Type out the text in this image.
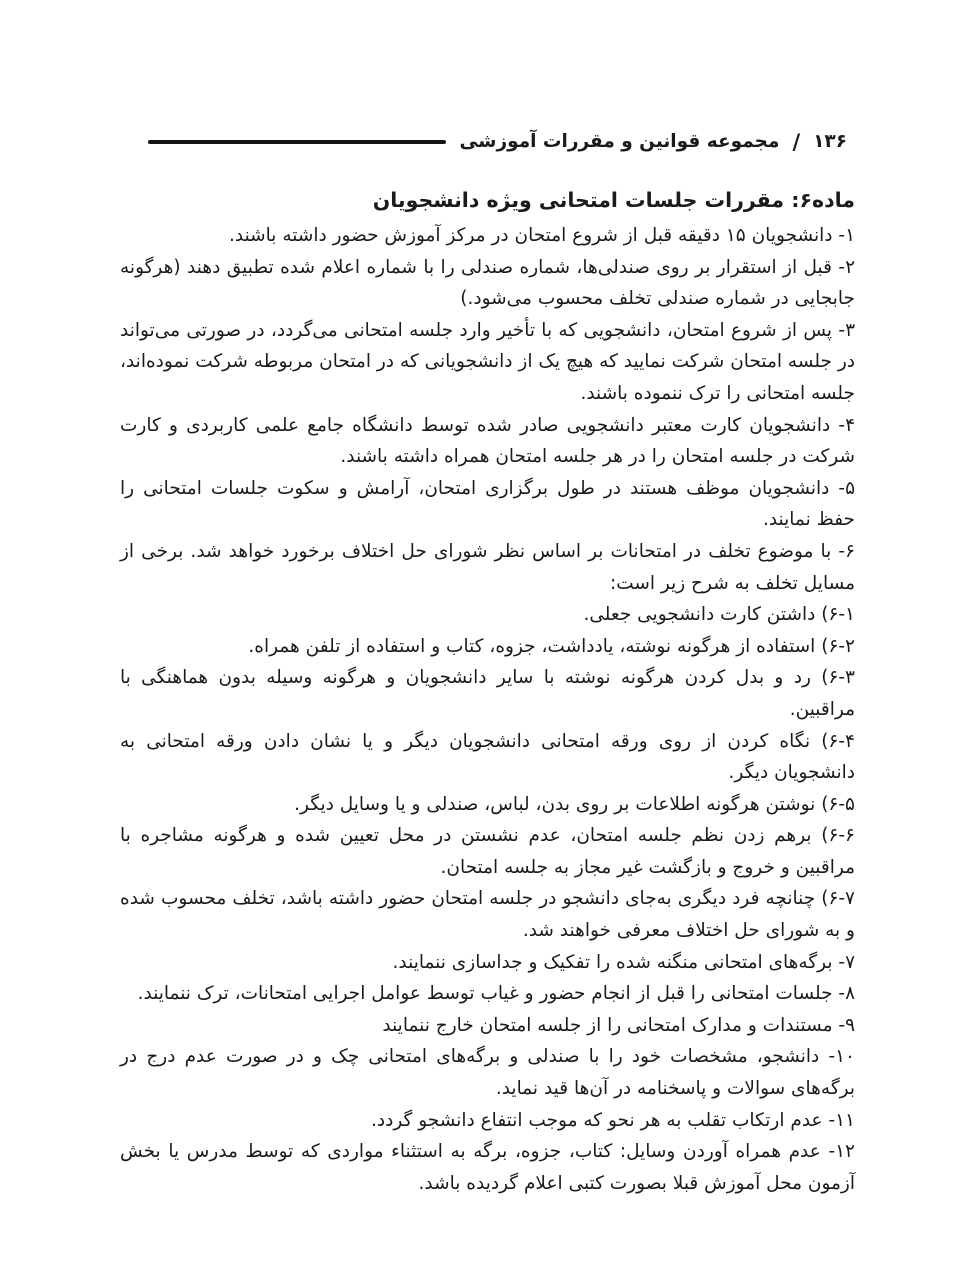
۱۳۶
/
مجموعه قوانین و مقررات آموزشی
ماده۶: مقررات جلسات امتحانی ویژه دانشجویان

۱- دانشجویان ۱۵ دقیقه قبل از شروع امتحان در مرکز آموزش حضور داشته باشند.

۲- قبل از استقرار بر روی صندلی‌ها، شماره صندلی را با شماره اعلام شده تطبیق دهند (هرگونه جابجایی در شماره صندلی تخلف محسوب می‌شود.)

۳- پس از شروع امتحان، دانشجویی که با تأخیر وارد جلسه امتحانی می‌گردد، در صورتی می‌تواند در جلسه امتحان شرکت نمایید که هیچ یک از دانشجویانی که در امتحان مربوطه شرکت نموده‌اند، جلسه امتحانی را ترک ننموده باشند.

۴- دانشجویان کارت معتبر دانشجویی صادر شده توسط دانشگاه جامع علمی کاربردی و کارت شرکت در جلسه امتحان را در هر جلسه امتحان همراه داشته باشند.

۵- دانشجویان موظف هستند در طول برگزاری امتحان، آرامش و سکوت جلسات امتحانی را حفظ نمایند.

۶- با موضوع تخلف در امتحانات بر اساس نظر شورای حل اختلاف برخورد خواهد شد. برخی از مسایل تخلف به شرح زیر است:

۶-۱) داشتن کارت دانشجویی جعلی.

۶-۲) استفاده از هرگونه نوشته، یادداشت، جزوه، کتاب و استفاده از تلفن همراه.

۶-۳) رد و بدل کردن هرگونه نوشته با سایر دانشجویان و هرگونه وسیله بدون هماهنگی با مراقبین.

۶-۴) نگاه کردن از روی ورقه امتحانی دانشجویان دیگر و یا نشان دادن ورقه امتحانی به دانشجویان دیگر.

۶-۵) نوشتن هرگونه اطلاعات بر روی بدن، لباس، صندلی و یا وسایل دیگر.

۶-۶) برهم زدن نظم جلسه امتحان، عدم نشستن در محل تعیین شده و هرگونه مشاجره با مراقبین و خروج و بازگشت غیر مجاز به جلسه امتحان.

۶-۷) چنانچه فرد دیگری به‌جای دانشجو در جلسه امتحان حضور داشته باشد، تخلف محسوب شده و به شورای حل اختلاف معرفی خواهند شد.

۷- برگه‌های امتحانی منگنه شده را تفکیک و جداسازی ننمایند.

۸- جلسات امتحانی را قبل از انجام حضور و غیاب توسط عوامل اجرایی امتحانات، ترک ننمایند.

۹- مستندات و مدارک امتحانی را از جلسه امتحان خارج ننمایند

۱۰- دانشجو، مشخصات خود را با صندلی و برگه‌های امتحانی چک و در صورت عدم درج در برگه‌های سوالات و پاسخنامه در آن‌ها قید نماید.

۱۱- عدم ارتکاب تقلب به هر نحو که موجب انتفاع دانشجو گردد.

۱۲- عدم همراه آوردن وسایل: کتاب، جزوه، برگه به استثناء مواردی که توسط مدرس یا بخش آزمون محل آموزش قبلا بصورت کتبی اعلام گردیده باشد.
